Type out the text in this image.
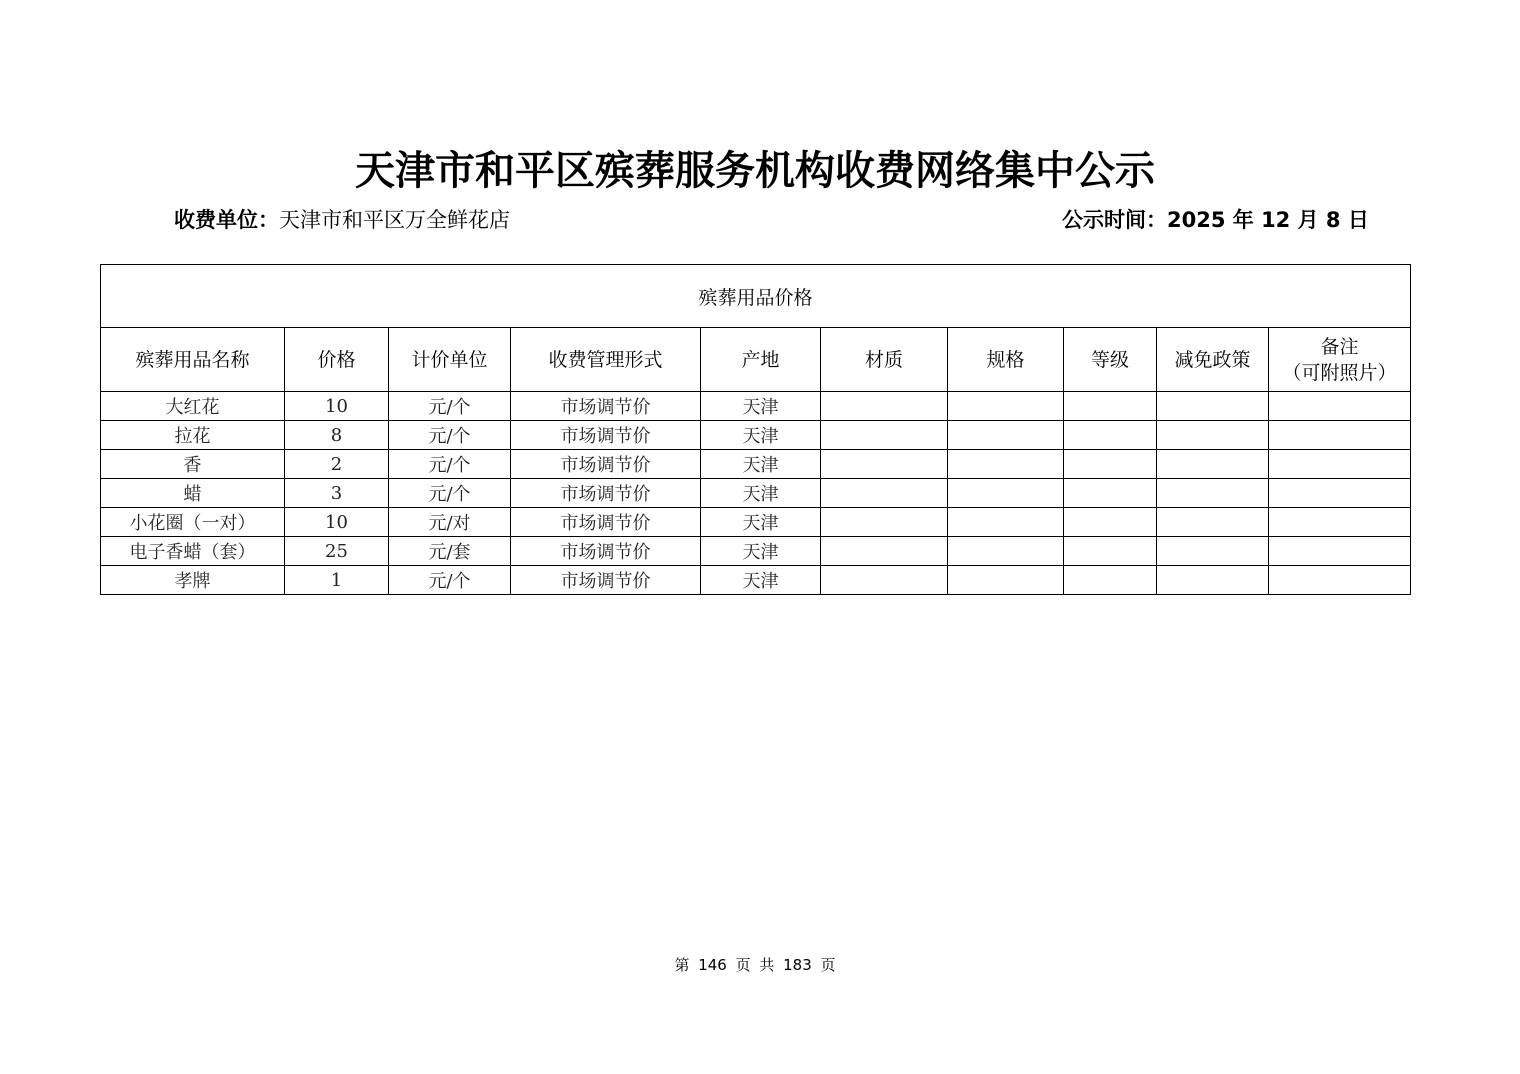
天津市和平区殡葬服务机构收费网络集中公示
收费单位：天津市和平区万全鲜花店	公示时间：2025 年 12 月 8 日
殡葬用品价格									
殡葬用品名称	价格	计价单位	收费管理形式	产地	材质	规格	等级	减免政策	备注
（可附照片）

大红花	10	元/个	市场调节价	天津					
拉花	8	元/个	市场调节价	天津					
香	2	元/个	市场调节价	天津					
蜡	3	元/个	市场调节价	天津					
小花圈（一对）	10	元/对	市场调节价	天津					
电子香蜡（套）	25	元/套	市场调节价	天津					
孝牌	1	元/个	市场调节价	天津					
第 146 页 共 183 页
